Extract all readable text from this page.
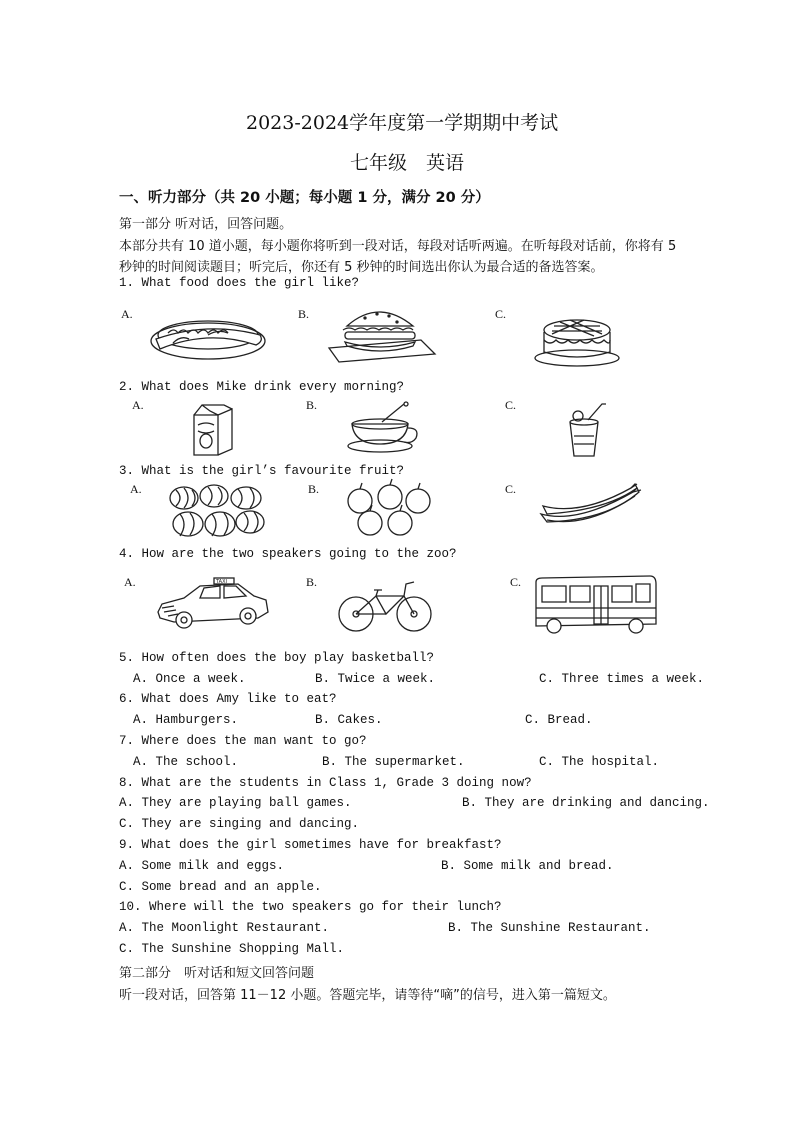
2023-2024学年度第一学期期中考试
七年级　英语
一、听力部分（共 20 小题；每小题 1 分，满分 20 分）
第一部分 听对话，回答问题。
本部分共有 10 道小题，每小题你将听到一段对话，每段对话听两遍。在听每段对话前，你将有 5
秒钟的时间阅读题目；听完后，你还有 5 秒钟的时间选出你认为最合适的备选答案。
1. What food does the girl like?
A.	B.	C.
2. What does Mike drink every morning?
A.	B.	C.
3. What is the girl’s favourite fruit?
A.	B.	C.
4. How are the two speakers going to the zoo?
A.	B.	C.
TAXI
5. How often does the boy play basketball?
A. Once a week.	B. Twice a week.	C. Three times a week.
6. What does Amy like to eat?
A. Hamburgers.	B. Cakes.	C. Bread.
7. Where does the man want to go?
A. The school.	B. The supermarket.	C. The hospital.
8. What are the students in Class 1, Grade 3 doing now?
A. They are playing ball games.	B. They are drinking and dancing.
C. They are singing and dancing.
9. What does the girl sometimes have for breakfast?
A. Some milk and eggs.	B. Some milk and bread.
C. Some bread and an apple.
10. Where will the two speakers go for their lunch?
A. The Moonlight Restaurant.	B. The Sunshine Restaurant.
C. The Sunshine Shopping Mall.
第二部分　听对话和短文回答问题
听一段对话，回答第 11－12 小题。答题完毕，请等待“嘀”的信号，进入第一篇短文。
